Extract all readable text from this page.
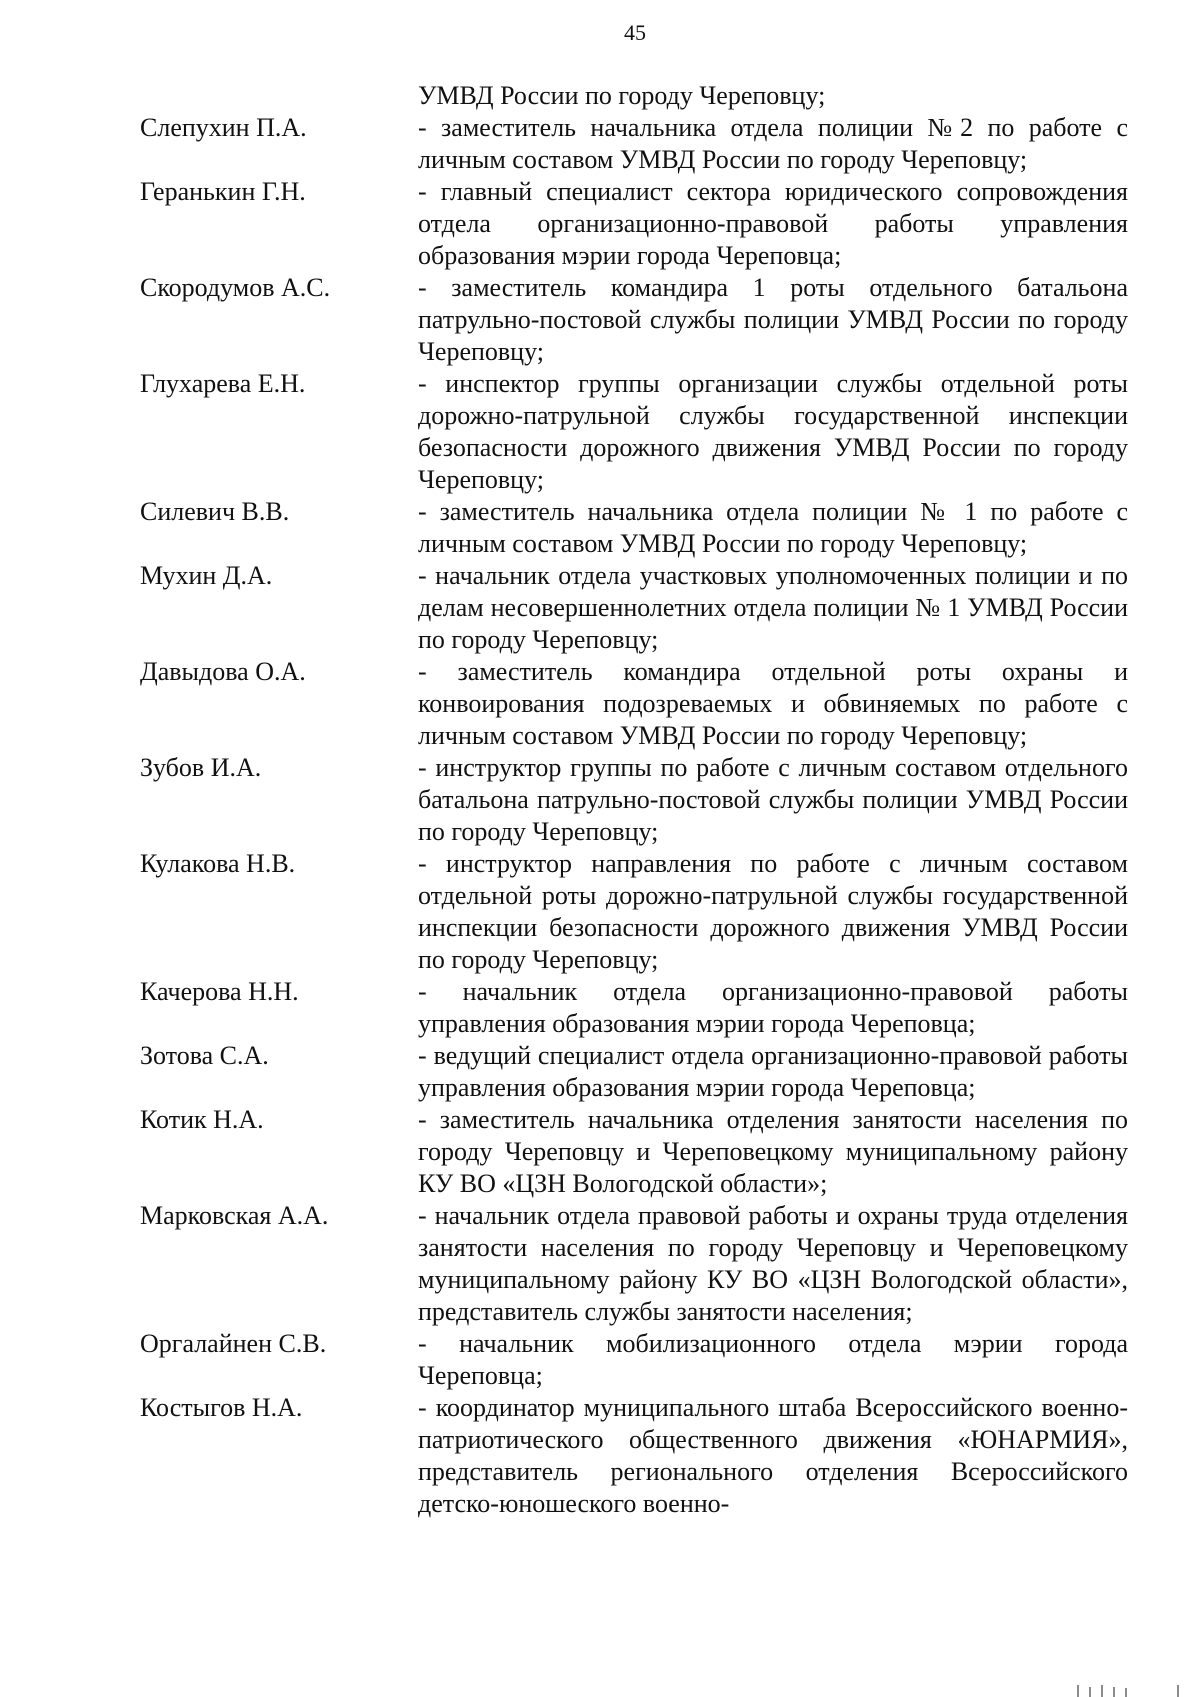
45
УМВД России по городу Череповцу;
Слепухин П.А.	- заместитель начальника отдела полиции №2 по работе с личным составом УМВД России по городу Череповцу;
Геранькин Г.Н.	- главный специалист сектора юридического сопровождения отдела организационно-правовой работы управления образования мэрии города Череповца;
Скородумов А.С.	- заместитель командира 1 роты отдельного батальона патрульно-постовой службы полиции УМВД России по городу Череповцу;
Глухарева Е.Н.	- инспектор группы организации службы отдельной роты дорожно-патрульной службы государственной инспекции безопасности дорожного движения УМВД России по городу Череповцу;
Силевич В.В.	- заместитель начальника отдела полиции № 1 по работе с личным составом УМВД России по городу Череповцу;
Мухин Д.А.	- начальник отдела участковых уполномоченных полиции и по делам несовершеннолетних отдела полиции № 1 УМВД России по городу Череповцу;
Давыдова О.А.	- заместитель командира отдельной роты охраны и конвоирования подозреваемых и обвиняемых по работе с личным составом УМВД России по городу Череповцу;
Зубов И.А.	- инструктор группы по работе с личным составом отдельного батальона патрульно-постовой службы полиции УМВД России по городу Череповцу;
Кулакова Н.В.	- инструктор направления по работе с личным составом отдельной роты дорожно-патрульной службы государственной инспекции безопасности дорожного движения УМВД России по городу Череповцу;
Качерова Н.Н.	- начальник отдела организационно-правовой работы управления образования мэрии города Череповца;
Зотова С.А.	- ведущий специалист отдела организационно-правовой работы управления образования мэрии города Череповца;
Котик Н.А.	- заместитель начальника отделения занятости населения по городу Череповцу и Череповецкому муниципальному району КУ ВО «ЦЗН Вологодской области»;
Марковская А.А.	- начальник отдела правовой работы и охраны труда отделения занятости населения по городу Череповцу и Череповецкому муниципальному району КУ ВО «ЦЗН Вологодской области», представитель службы занятости населения;
Оргалайнен С.В.	- начальник мобилизационного отдела мэрии города Череповца;
Костыгов Н.А.	- координатор муниципального штаба Всероссийского военно-патриотического общественного движения «ЮНАРМИЯ», представитель регионального отделения Всероссийского детско-юношеского военно-
